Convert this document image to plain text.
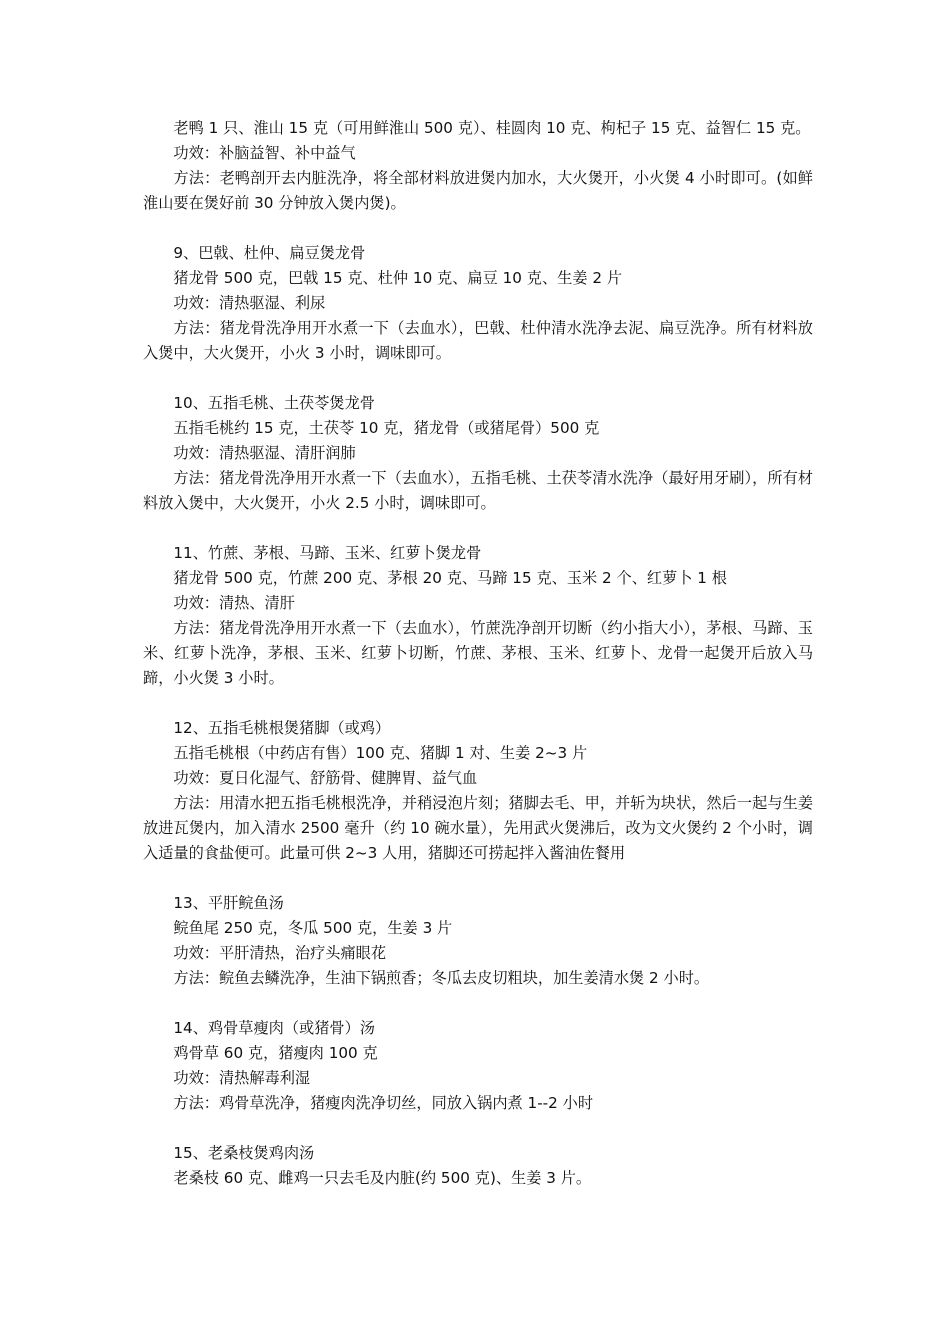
老鸭 1 只、淮山 15 克（可用鲜淮山 500 克）、桂圆肉 10 克、枸杞子 15 克、益智仁 15 克。

功效：补脑益智、补中益气

方法：老鸭剖开去内脏洗净，将全部材料放进煲内加水，大火煲开，小火煲 4 小时即可。(如鲜淮山要在煲好前 30 分钟放入煲内煲)。

9、巴戟、杜仲、扁豆煲龙骨

猪龙骨 500 克，巴戟 15 克、杜仲 10 克、扁豆 10 克、生姜 2 片

功效：清热驱湿、利尿

方法：猪龙骨洗净用开水煮一下（去血水），巴戟、杜仲清水洗净去泥、扁豆洗净。所有材料放入煲中，大火煲开，小火 3 小时，调味即可。

10、五指毛桃、土茯苓煲龙骨

五指毛桃约 15 克，土茯苓 10 克，猪龙骨（或猪尾骨）500 克

功效：清热驱湿、清肝润肺

方法：猪龙骨洗净用开水煮一下（去血水），五指毛桃、土茯苓清水洗净（最好用牙刷），所有材料放入煲中，大火煲开，小火 2.5 小时，调味即可。

11、竹蔗、茅根、马蹄、玉米、红萝卜煲龙骨

猪龙骨 500 克，竹蔗 200 克、茅根 20 克、马蹄 15 克、玉米 2 个、红萝卜 1 根

功效：清热、清肝

方法：猪龙骨洗净用开水煮一下（去血水），竹蔗洗净剖开切断（约小指大小），茅根、马蹄、玉米、红萝卜洗净，茅根、玉米、红萝卜切断，竹蔗、茅根、玉米、红萝卜、龙骨一起煲开后放入马蹄，小火煲 3 小时。

12、五指毛桃根煲猪脚（或鸡）

五指毛桃根（中药店有售）100 克、猪脚 1 对、生姜 2~3 片

功效：夏日化湿气、舒筋骨、健脾胃、益气血

方法：用清水把五指毛桃根洗净，并稍浸泡片刻；猪脚去毛、甲，并斩为块状，然后一起与生姜放进瓦煲内，加入清水 2500 毫升（约 10 碗水量），先用武火煲沸后，改为文火煲约 2 个小时，调入适量的食盐便可。此量可供 2~3 人用，猪脚还可捞起拌入酱油佐餐用

13、平肝鲩鱼汤

鲩鱼尾 250 克，冬瓜 500 克，生姜 3 片

功效：平肝清热，治疗头痛眼花

方法：鲩鱼去鳞洗净，生油下锅煎香；冬瓜去皮切粗块，加生姜清水煲 2 小时。

14、鸡骨草瘦肉（或猪骨）汤

鸡骨草 60 克，猪瘦肉 100 克

功效：清热解毒利湿

方法：鸡骨草洗净，猪瘦肉洗净切丝，同放入锅内煮 1--2 小时

15、老桑枝煲鸡肉汤

老桑枝 60 克、雌鸡一只去毛及内脏(约 500 克)、生姜 3 片。
